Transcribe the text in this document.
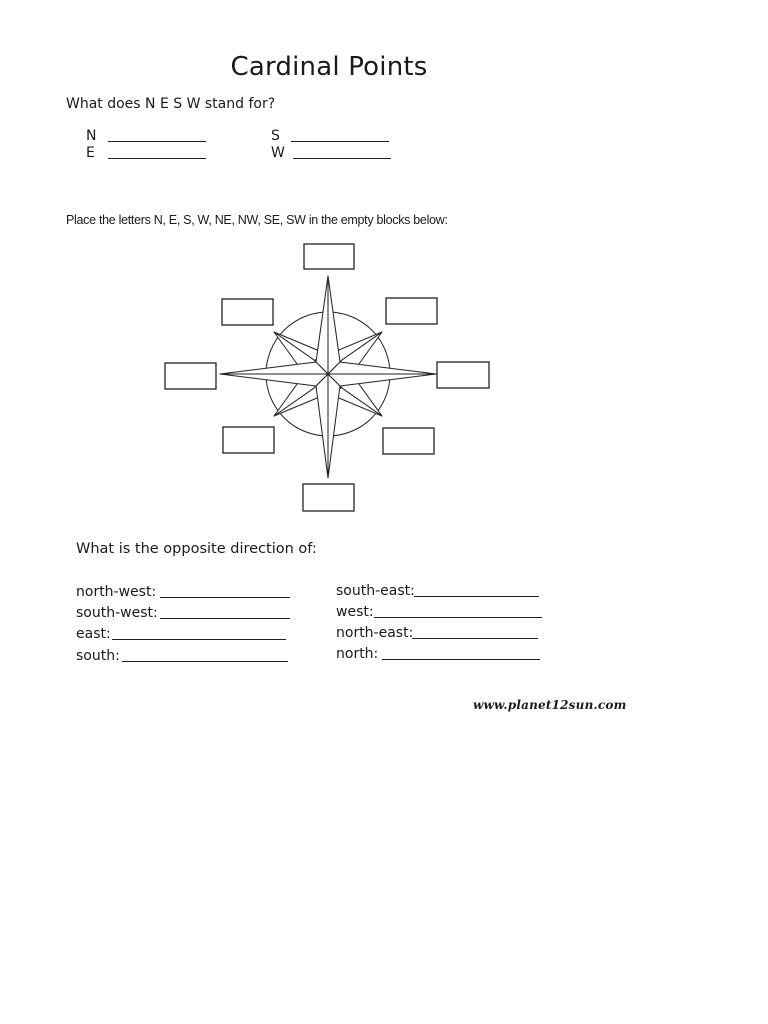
Cardinal Points
What does N E S W stand for?
N
E
S
W
Place the letters N, E, S, W, NE, NW, SE, SW in the empty blocks below:
What is the opposite direction of:
north-west:
south-west:
east:
south:
south-east:
west:
north-east:
north:
www.planet12sun.com
